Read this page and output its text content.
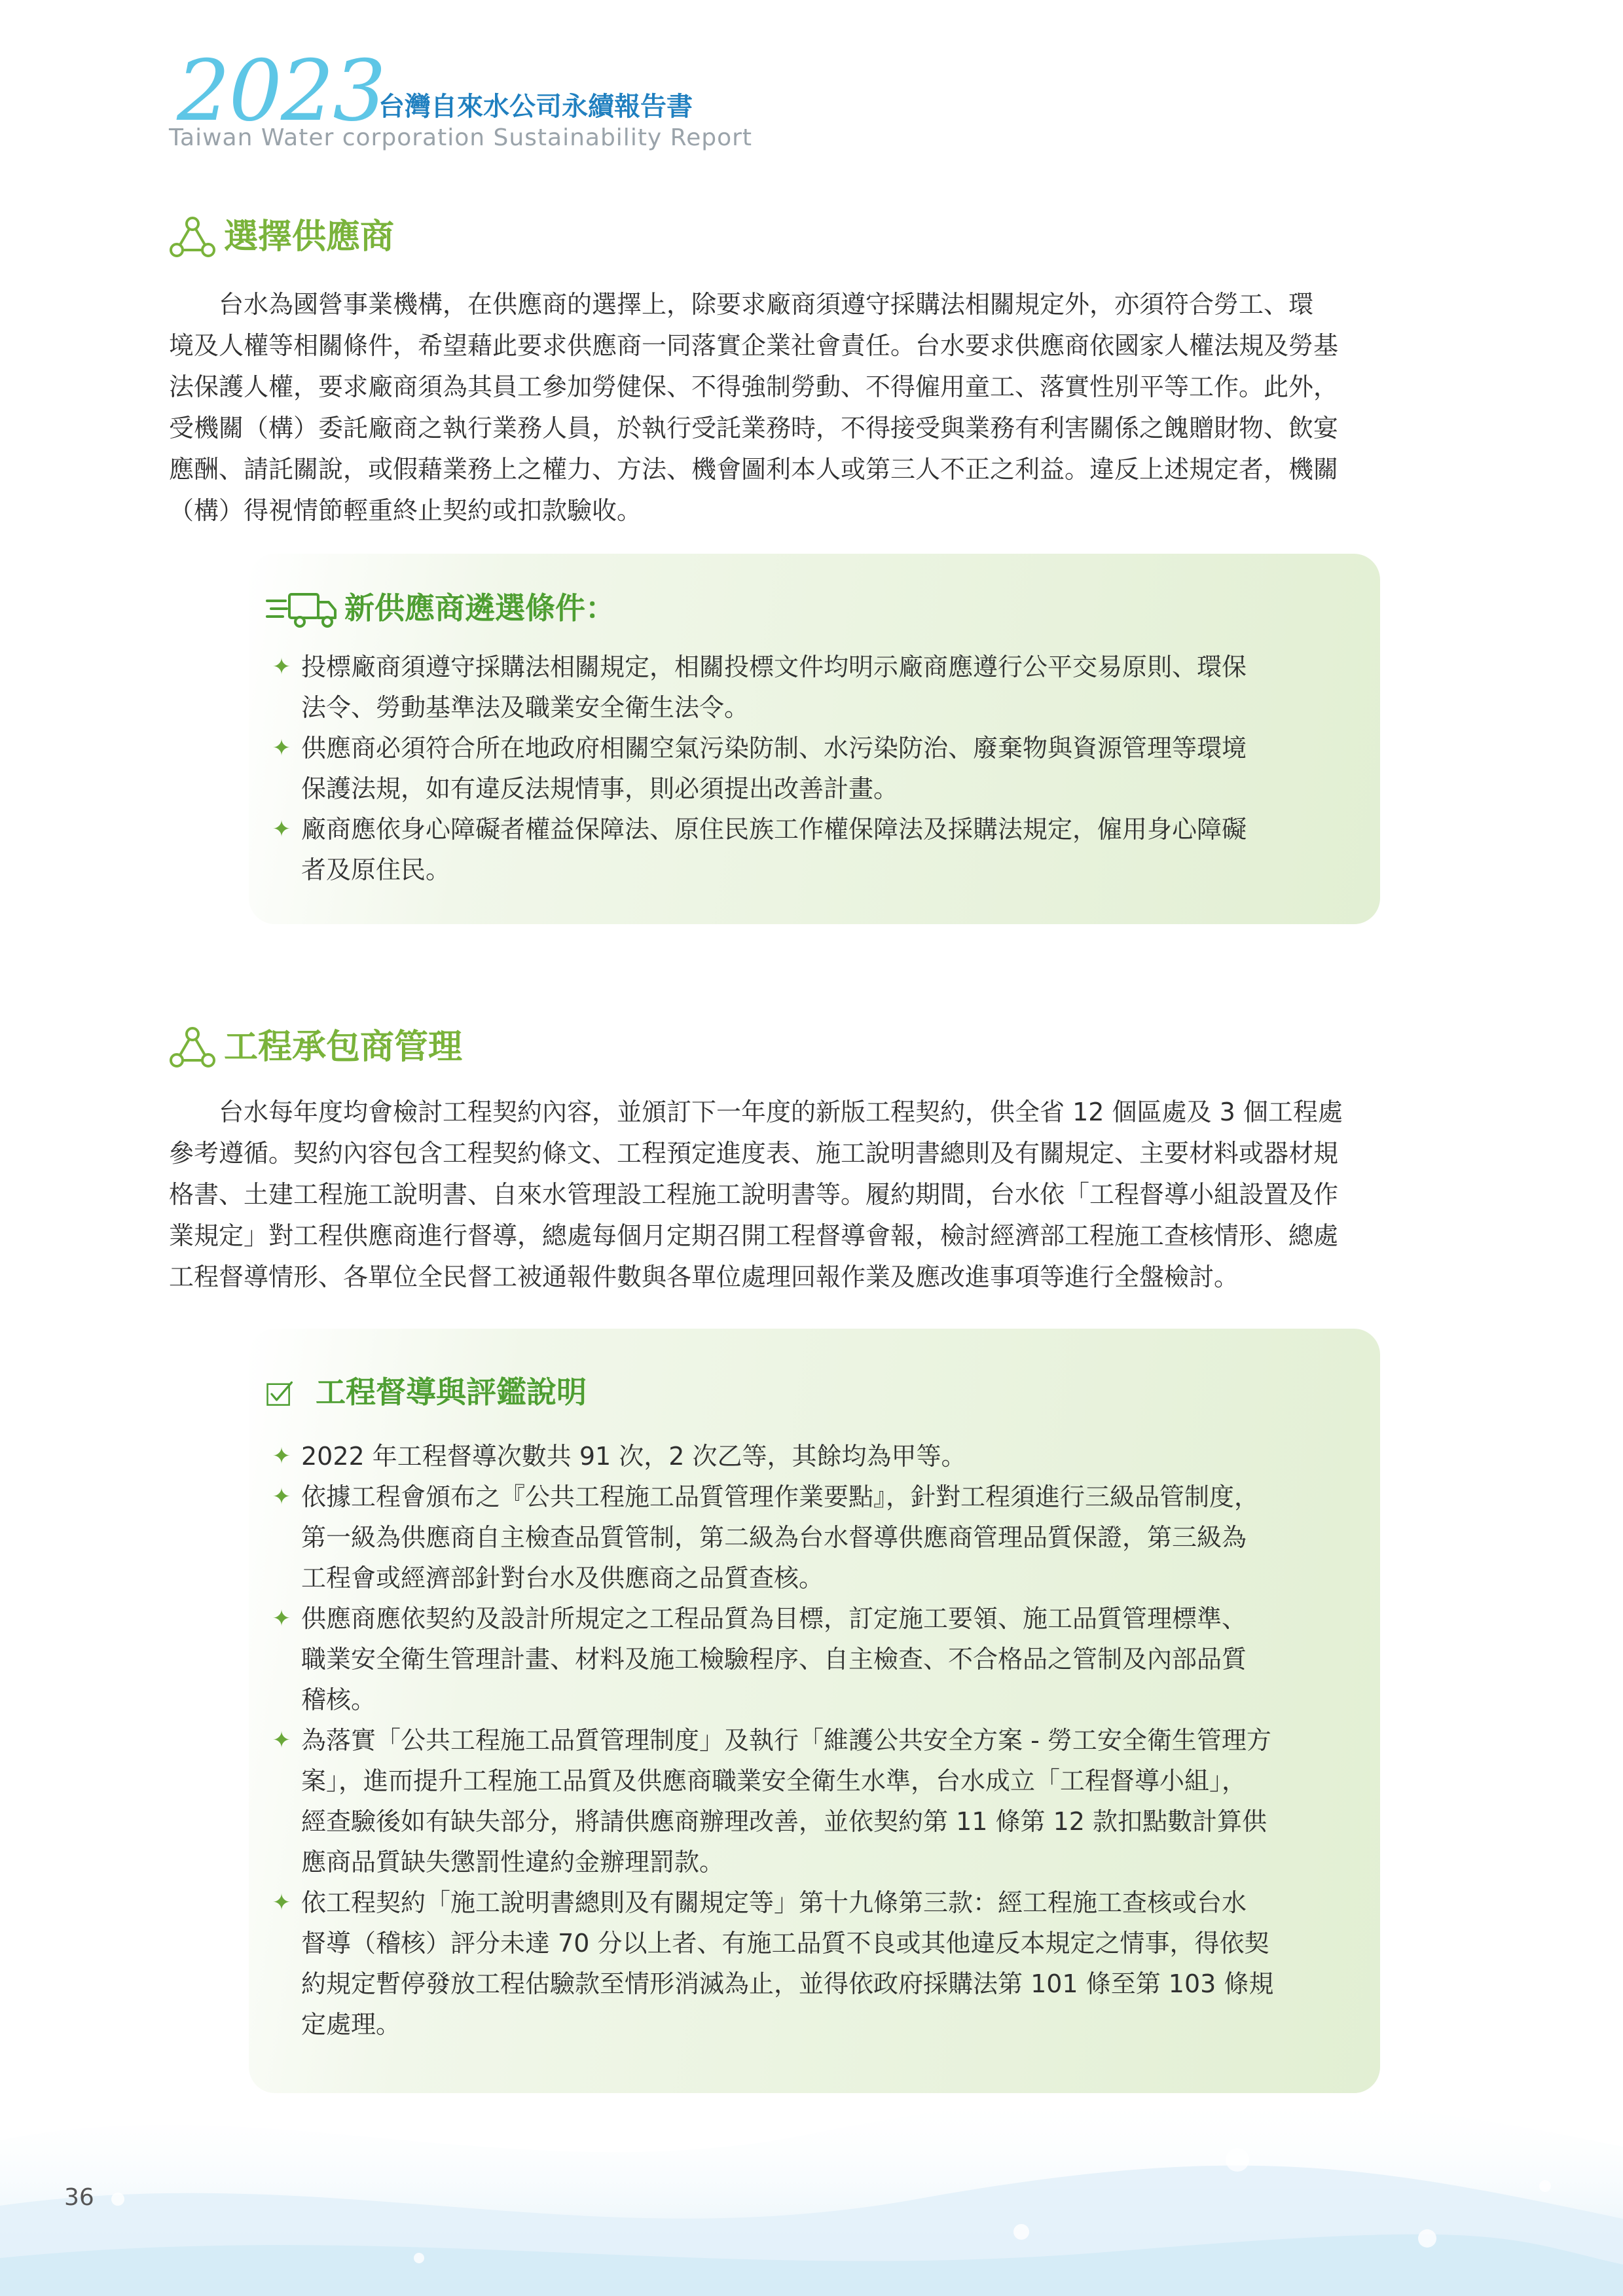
2023
台灣自來水公司永續報告書
Taiwan Water corporation Sustainability Report
選擇供應商
　　台水為國營事業機構，在供應商的選擇上，除要求廠商須遵守採購法相關規定外，亦須符合勞工、環
境及人權等相關條件，希望藉此要求供應商一同落實企業社會責任。台水要求供應商依國家人權法規及勞基
法保護人權，要求廠商須為其員工參加勞健保、不得強制勞動、不得僱用童工、落實性別平等工作。此外，
受機關（構）委託廠商之執行業務人員，於執行受託業務時，不得接受與業務有利害關係之餽贈財物、飲宴
應酬、請託關說，或假藉業務上之權力、方法、機會圖利本人或第三人不正之利益。違反上述規定者，機關
（構）得視情節輕重終止契約或扣款驗收。
新供應商遴選條件：
✦ 投標廠商須遵守採購法相關規定，相關投標文件均明示廠商應遵行公平交易原則、環保
法令、勞動基準法及職業安全衛生法令。
✦ 供應商必須符合所在地政府相關空氣污染防制、水污染防治、廢棄物與資源管理等環境
保護法規，如有違反法規情事，則必須提出改善計畫。
✦ 廠商應依身心障礙者權益保障法、原住民族工作權保障法及採購法規定，僱用身心障礙
者及原住民。
工程承包商管理
　　台水每年度均會檢討工程契約內容，並頒訂下一年度的新版工程契約，供全省 12 個區處及 3 個工程處
參考遵循。契約內容包含工程契約條文、工程預定進度表、施工說明書總則及有關規定、主要材料或器材規
格書、土建工程施工說明書、自來水管理設工程施工說明書等。履約期間，台水依「工程督導小組設置及作
業規定」對工程供應商進行督導，總處每個月定期召開工程督導會報，檢討經濟部工程施工查核情形、總處
工程督導情形、各單位全民督工被通報件數與各單位處理回報作業及應改進事項等進行全盤檢討。
工程督導與評鑑說明
✦ 2022 年工程督導次數共 91 次，2 次乙等，其餘均為甲等。
✦ 依據工程會頒布之『公共工程施工品質管理作業要點』，針對工程須進行三級品管制度，
第一級為供應商自主檢查品質管制，第二級為台水督導供應商管理品質保證，第三級為
工程會或經濟部針對台水及供應商之品質查核。
✦ 供應商應依契約及設計所規定之工程品質為目標，訂定施工要領、施工品質管理標準、
職業安全衛生管理計畫、材料及施工檢驗程序、自主檢查、不合格品之管制及內部品質
稽核。
✦ 為落實「公共工程施工品質管理制度」及執行「維護公共安全方案 - 勞工安全衛生管理方
案」，進而提升工程施工品質及供應商職業安全衛生水準，台水成立「工程督導小組」，
經查驗後如有缺失部分，將請供應商辦理改善，並依契約第 11 條第 12 款扣點數計算供
應商品質缺失懲罰性違約金辦理罰款。
✦ 依工程契約「施工說明書總則及有關規定等」第十九條第三款：經工程施工查核或台水
督導（稽核）評分未達 70 分以上者、有施工品質不良或其他違反本規定之情事，得依契
約規定暫停發放工程估驗款至情形消滅為止，並得依政府採購法第 101 條至第 103 條規
定處理。
36
